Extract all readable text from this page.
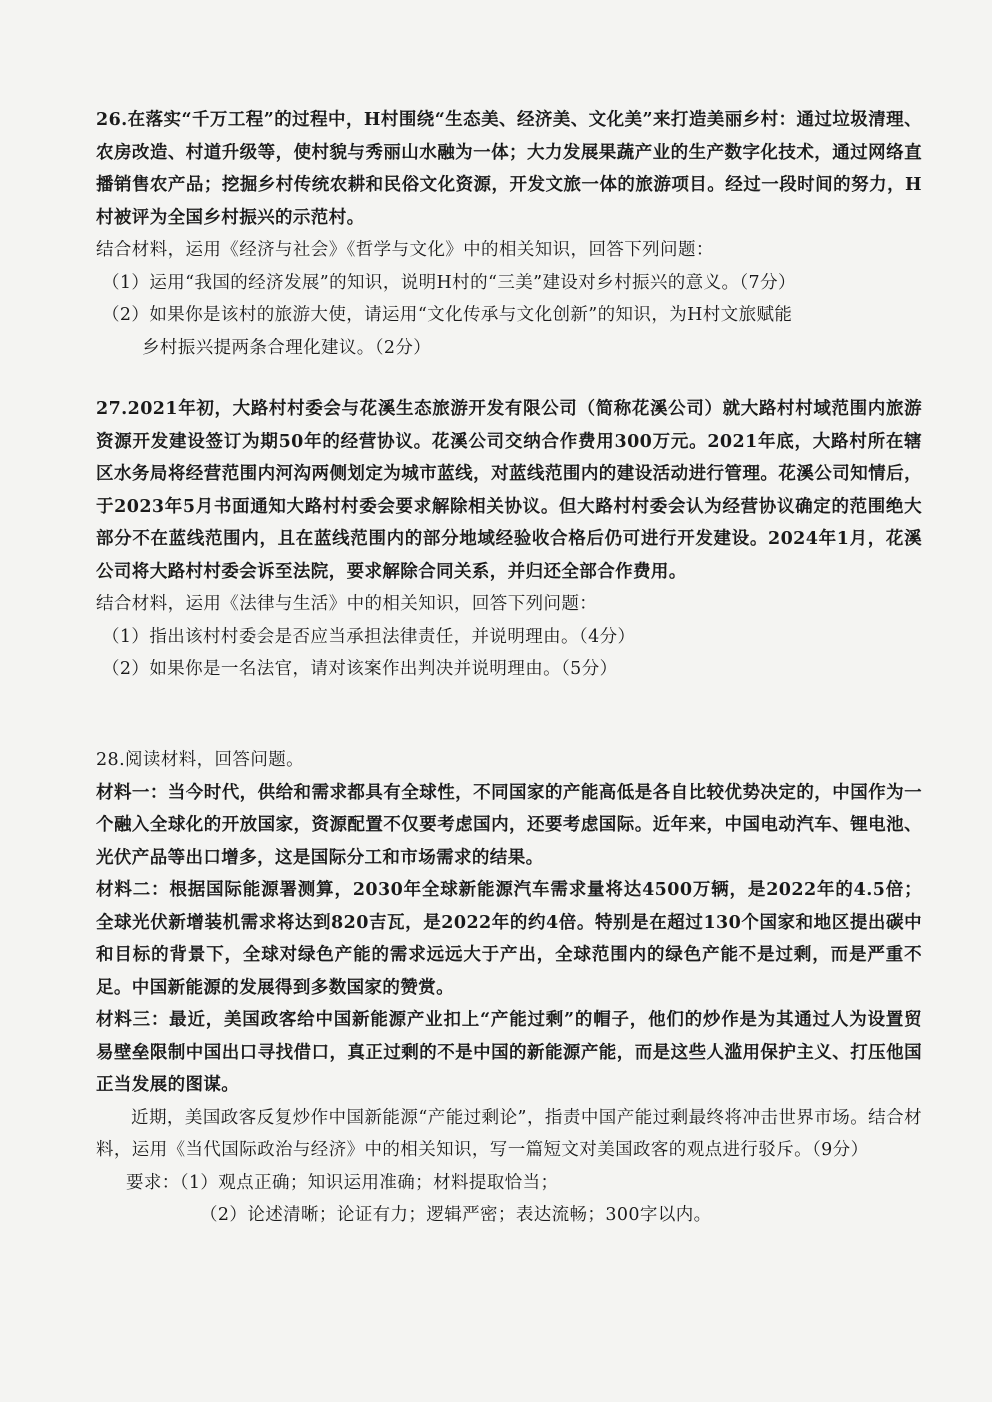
26.在落实“千万工程”的过程中，H村围绕“生态美、经济美、文化美”来打造美丽乡村：通过垃圾清理、农房改造、村道升级等，使村貌与秀丽山水融为一体；大力发展果蔬产业的生产数字化技术，通过网络直播销售农产品；挖掘乡村传统农耕和民俗文化资源，开发文旅一体的旅游项目。经过一段时间的努力，H村被评为全国乡村振兴的示范村。

结合材料，运用《经济与社会》《哲学与文化》中的相关知识，回答下列问题：

（1）运用“我国的经济发展”的知识，说明H村的“三美”建设对乡村振兴的意义。（7分）

（2）如果你是该村的旅游大使，请运用“文化传承与文化创新”的知识，为H村文旅赋能

乡村振兴提两条合理化建议。（2分）

27.2021年初，大路村村委会与花溪生态旅游开发有限公司（简称花溪公司）就大路村村域范围内旅游资源开发建设签订为期50年的经营协议。花溪公司交纳合作费用300万元。2021年底，大路村所在辖区水务局将经营范围内河沟两侧划定为城市蓝线，对蓝线范围内的建设活动进行管理。花溪公司知情后，于2023年5月书面通知大路村村委会要求解除相关协议。但大路村村委会认为经营协议确定的范围绝大部分不在蓝线范围内，且在蓝线范围内的部分地域经验收合格后仍可进行开发建设。2024年1月，花溪公司将大路村村委会诉至法院，要求解除合同关系，并归还全部合作费用。

结合材料，运用《法律与生活》中的相关知识，回答下列问题：

（1）指出该村村委会是否应当承担法律责任，并说明理由。（4分）

（2）如果你是一名法官，请对该案作出判决并说明理由。（5分）

28.阅读材料，回答问题。

材料一：当今时代，供给和需求都具有全球性，不同国家的产能高低是各自比较优势决定的，中国作为一个融入全球化的开放国家，资源配置不仅要考虑国内，还要考虑国际。近年来，中国电动汽车、锂电池、光伏产品等出口增多，这是国际分工和市场需求的结果。

材料二：根据国际能源署测算，2030年全球新能源汽车需求量将达4500万辆，是2022年的4.5倍；全球光伏新增装机需求将达到820吉瓦，是2022年的约4倍。特别是在超过130个国家和地区提出碳中和目标的背景下，全球对绿色产能的需求远远大于产出，全球范围内的绿色产能不是过剩，而是严重不足。中国新能源的发展得到多数国家的赞赏。

材料三：最近，美国政客给中国新能源产业扣上“产能过剩”的帽子，他们的炒作是为其通过人为设置贸易壁垒限制中国出口寻找借口，真正过剩的不是中国的新能源产能，而是这些人滥用保护主义、打压他国正当发展的图谋。

近期，美国政客反复炒作中国新能源“产能过剩论”，指责中国产能过剩最终将冲击世界市场。结合材料，运用《当代国际政治与经济》中的相关知识，写一篇短文对美国政客的观点进行驳斥。（9分）

要求：（1）观点正确；知识运用准确；材料提取恰当；

（2）论述清晰；论证有力；逻辑严密；表达流畅；300字以内。
